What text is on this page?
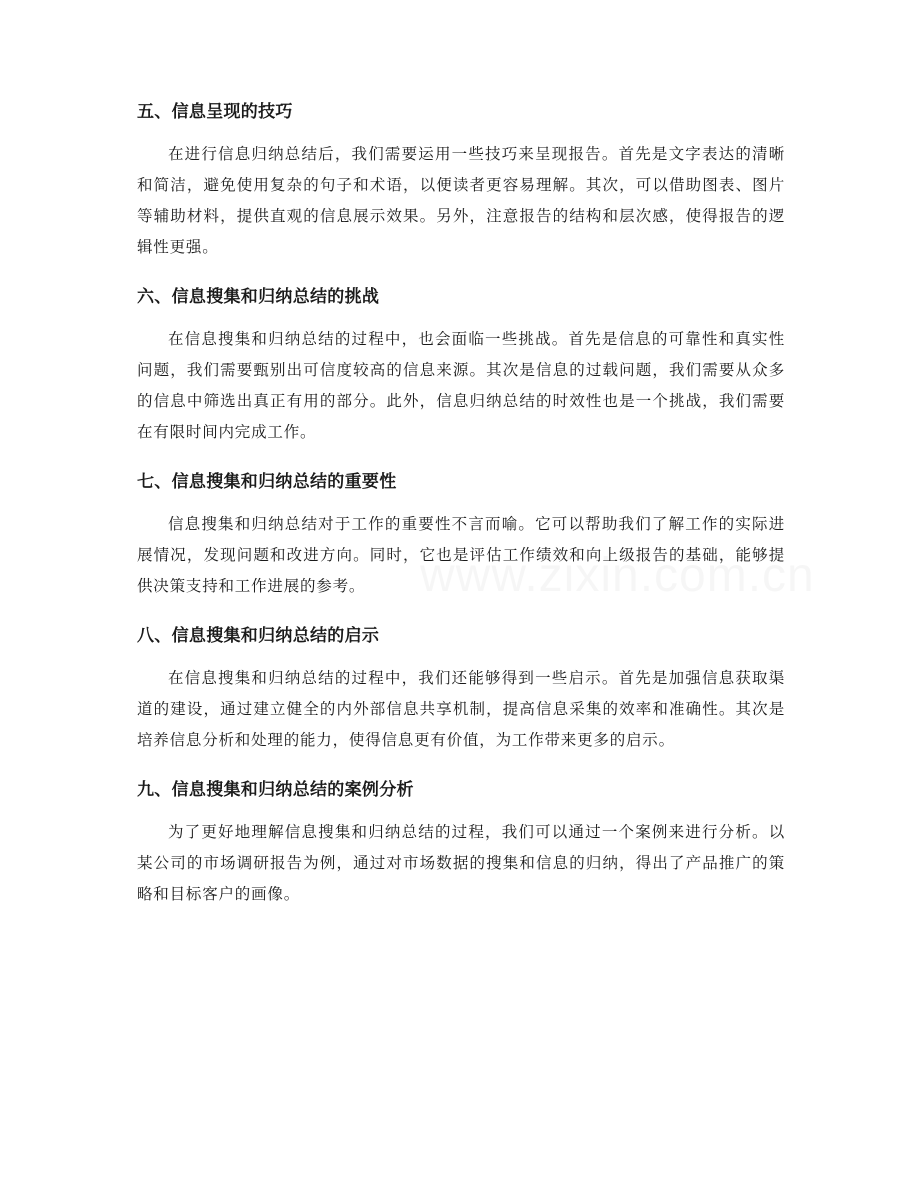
五、信息呈现的技巧

在进行信息归纳总结后，我们需要运用一些技巧来呈现报告。首先是文字表达的清晰和简洁，避免使用复杂的句子和术语，以便读者更容易理解。其次，可以借助图表、图片等辅助材料，提供直观的信息展示效果。另外，注意报告的结构和层次感，使得报告的逻辑性更强。

六、信息搜集和归纳总结的挑战

在信息搜集和归纳总结的过程中，也会面临一些挑战。首先是信息的可靠性和真实性问题，我们需要甄别出可信度较高的信息来源。其次是信息的过载问题，我们需要从众多的信息中筛选出真正有用的部分。此外，信息归纳总结的时效性也是一个挑战，我们需要在有限时间内完成工作。

七、信息搜集和归纳总结的重要性

信息搜集和归纳总结对于工作的重要性不言而喻。它可以帮助我们了解工作的实际进展情况，发现问题和改进方向。同时，它也是评估工作绩效和向上级报告的基础，能够提供决策支持和工作进展的参考。

八、信息搜集和归纳总结的启示

在信息搜集和归纳总结的过程中，我们还能够得到一些启示。首先是加强信息获取渠道的建设，通过建立健全的内外部信息共享机制，提高信息采集的效率和准确性。其次是培养信息分析和处理的能力，使得信息更有价值，为工作带来更多的启示。

九、信息搜集和归纳总结的案例分析

为了更好地理解信息搜集和归纳总结的过程，我们可以通过一个案例来进行分析。以某公司的市场调研报告为例，通过对市场数据的搜集和信息的归纳，得出了产品推广的策略和目标客户的画像。
